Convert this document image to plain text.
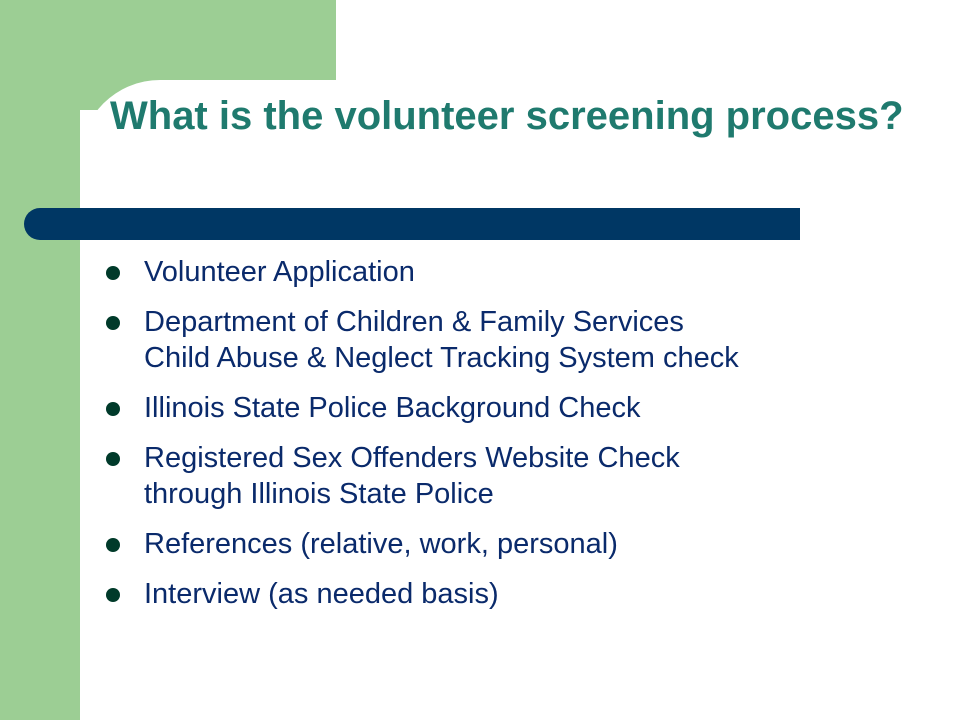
What is the volunteer screening process?
Volunteer Application
Department of Children & Family Services
Child Abuse & Neglect Tracking System check
Illinois State Police Background Check
Registered Sex Offenders Website Check
through Illinois State Police
References (relative, work, personal)
Interview (as needed basis)
